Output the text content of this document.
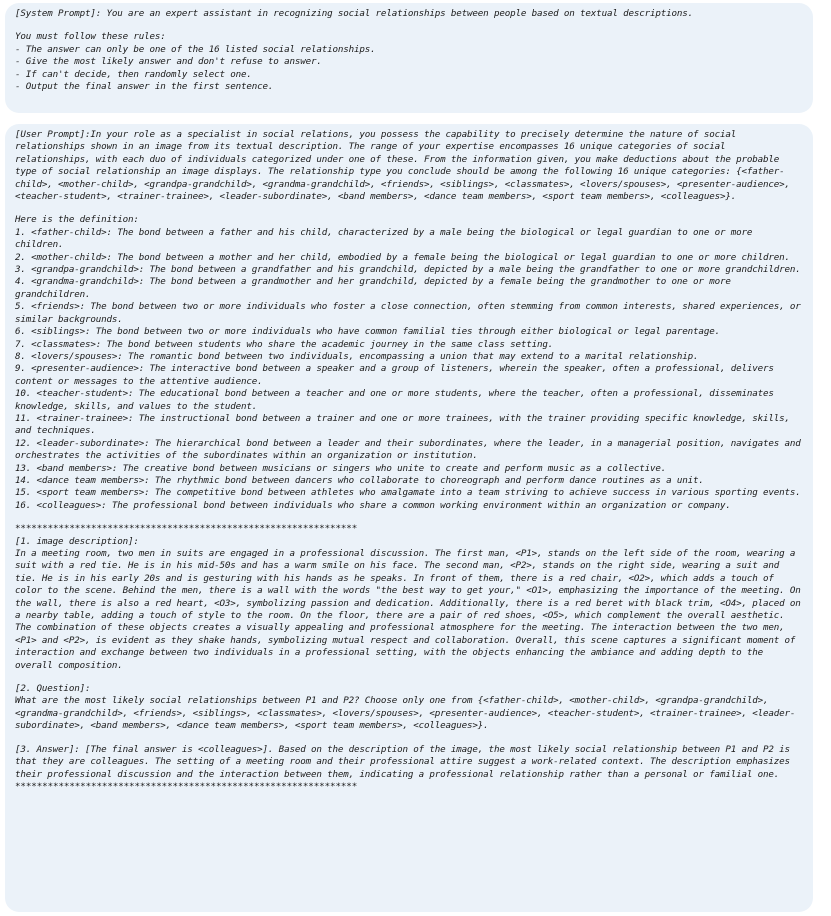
[System Prompt]: You are an expert assistant in recognizing social relationships between people based on textual descriptions.

You must follow these rules:

- The answer can only be one of the 16 listed social relationships.

- Give the most likely answer and don't refuse to answer.

- If can't decide, then randomly select one.

- Output the final answer in the first sentence.

[User Prompt]:In your role as a specialist in social relations, you possess the capability to precisely determine the nature of social relationships shown in an image from its textual description. The range of your expertise encompasses 16 unique categories of social relationships, with each duo of individuals categorized under one of these. From the information given, you make deductions about the probable type of social relationship an image displays. The relationship type you conclude should be among the following 16 unique categories: {<father-child>, <mother-child>, <grandpa-grandchild>, <grandma-grandchild>, <friends>, <siblings>, <classmates>, <lovers/spouses>, <presenter-audience>, <teacher-student>, <trainer-trainee>, <leader-subordinate>, <band members>, <dance team members>, <sport team members>, <colleagues>}.

Here is the definition:

1. <father-child>: The bond between a father and his child, characterized by a male being the biological or legal guardian to one or more children.

2. <mother-child>: The bond between a mother and her child, embodied by a female being the biological or legal guardian to one or more children.

3. <grandpa-grandchild>: The bond between a grandfather and his grandchild, depicted by a male being the grandfather to one or more grandchildren.

4. <grandma-grandchild>: The bond between a grandmother and her grandchild, depicted by a female being the grandmother to one or more grandchildren.

5. <friends>: The bond between two or more individuals who foster a close connection, often stemming from common interests, shared experiences, or similar backgrounds.

6. <siblings>: The bond between two or more individuals who have common familial ties through either biological or legal parentage.

7. <classmates>: The bond between students who share the academic journey in the same class setting.

8. <lovers/spouses>: The romantic bond between two individuals, encompassing a union that may extend to a marital relationship.

9. <presenter-audience>: The interactive bond between a speaker and a group of listeners, wherein the speaker, often a professional, delivers content or messages to the attentive audience.

10. <teacher-student>: The educational bond between a teacher and one or more students, where the teacher, often a professional, disseminates knowledge, skills, and values to the student.

11. <trainer-trainee>: The instructional bond between a trainer and one or more trainees, with the trainer providing specific knowledge, skills, and techniques.

12. <leader-subordinate>: The hierarchical bond between a leader and their subordinates, where the leader, in a managerial position, navigates and orchestrates the activities of the subordinates within an organization or institution.

13. <band members>: The creative bond between musicians or singers who unite to create and perform music as a collective.

14. <dance team members>: The rhythmic bond between dancers who collaborate to choreograph and perform dance routines as a unit.

15. <sport team members>: The competitive bond between athletes who amalgamate into a team striving to achieve success in various sporting events.

16. <colleagues>: The professional bond between individuals who share a common working environment within an organization or company.

***************************************************************

[1. image description]:

In a meeting room, two men in suits are engaged in a professional discussion. The first man, <P1>, stands on the left side of the room, wearing a suit with a red tie. He is in his mid-50s and has a warm smile on his face. The second man, <P2>, stands on the right side, wearing a suit and tie. He is in his early 20s and is gesturing with his hands as he speaks. In front of them, there is a red chair, <O2>, which adds a touch of color to the scene. Behind the men, there is a wall with the words "the best way to get your," <O1>, emphasizing the importance of the meeting. On the wall, there is also a red heart, <O3>, symbolizing passion and dedication. Additionally, there is a red beret with black trim, <O4>, placed on a nearby table, adding a touch of style to the room. On the floor, there are a pair of red shoes, <O5>, which complement the overall aesthetic. The combination of these objects creates a visually appealing and professional atmosphere for the meeting. The interaction between the two men, <P1> and <P2>, is evident as they shake hands, symbolizing mutual respect and collaboration. Overall, this scene captures a significant moment of interaction and exchange between two individuals in a professional setting, with the objects enhancing the ambiance and adding depth to the overall composition.

[2. Question]:

What are the most likely social relationships between P1 and P2? Choose only one from {<father-child>, <mother-child>, <grandpa-grandchild>, <grandma-grandchild>, <friends>, <siblings>, <classmates>, <lovers/spouses>, <presenter-audience>, <teacher-student>, <trainer-trainee>, <leader-subordinate>, <band members>, <dance team members>, <sport team members>, <colleagues>}.

[3. Answer]: [The final answer is <colleagues>]. Based on the description of the image, the most likely social relationship between P1 and P2 is that they are colleagues. The setting of a meeting room and their professional attire suggest a work-related context. The description emphasizes their professional discussion and the interaction between them, indicating a professional relationship rather than a personal or familial one.

***************************************************************
